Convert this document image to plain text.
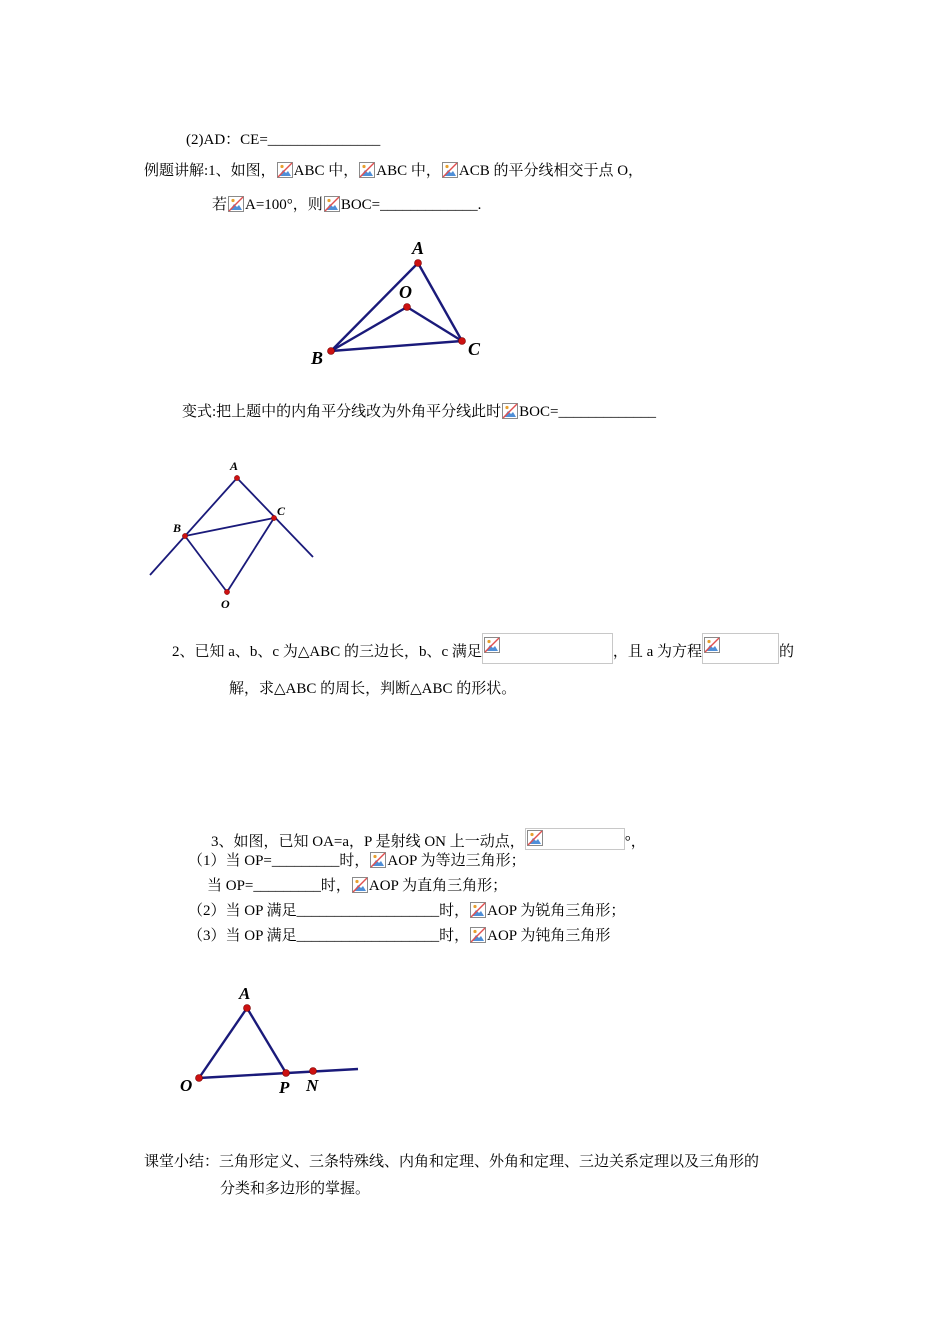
(2)AD：CE=_______________
例题讲解:1、如图， ABC 中， ABC 中， ACB 的平分线相交于点 O，
若 A=100°，则 BOC=_____________.
A
O
B	C
变式:把上题中的内角平分线改为外角平分线此时 BOC=_____________
A
B
C
O
2、已知 a、b、c 为△ABC 的三边长，b、c 满足	，且 a 为方程	的
解，求△ABC 的周长，判断△ABC 的形状。
3、如图，已知 OA=a，P 是射线 ON 上一动点，	°，
（1）当 OP=_________时， AOP 为等边三角形；
当 OP=_________时， AOP 为直角三角形；
（2）当 OP 满足___________________时， AOP 为锐角三角形；
（3）当 OP 满足___________________时， AOP 为钝角三角形
A
O	P N
课堂小结：三角形定义、三条特殊线、内角和定理、外角和定理、三边关系定理以及三角形的
分类和多边形的掌握。
